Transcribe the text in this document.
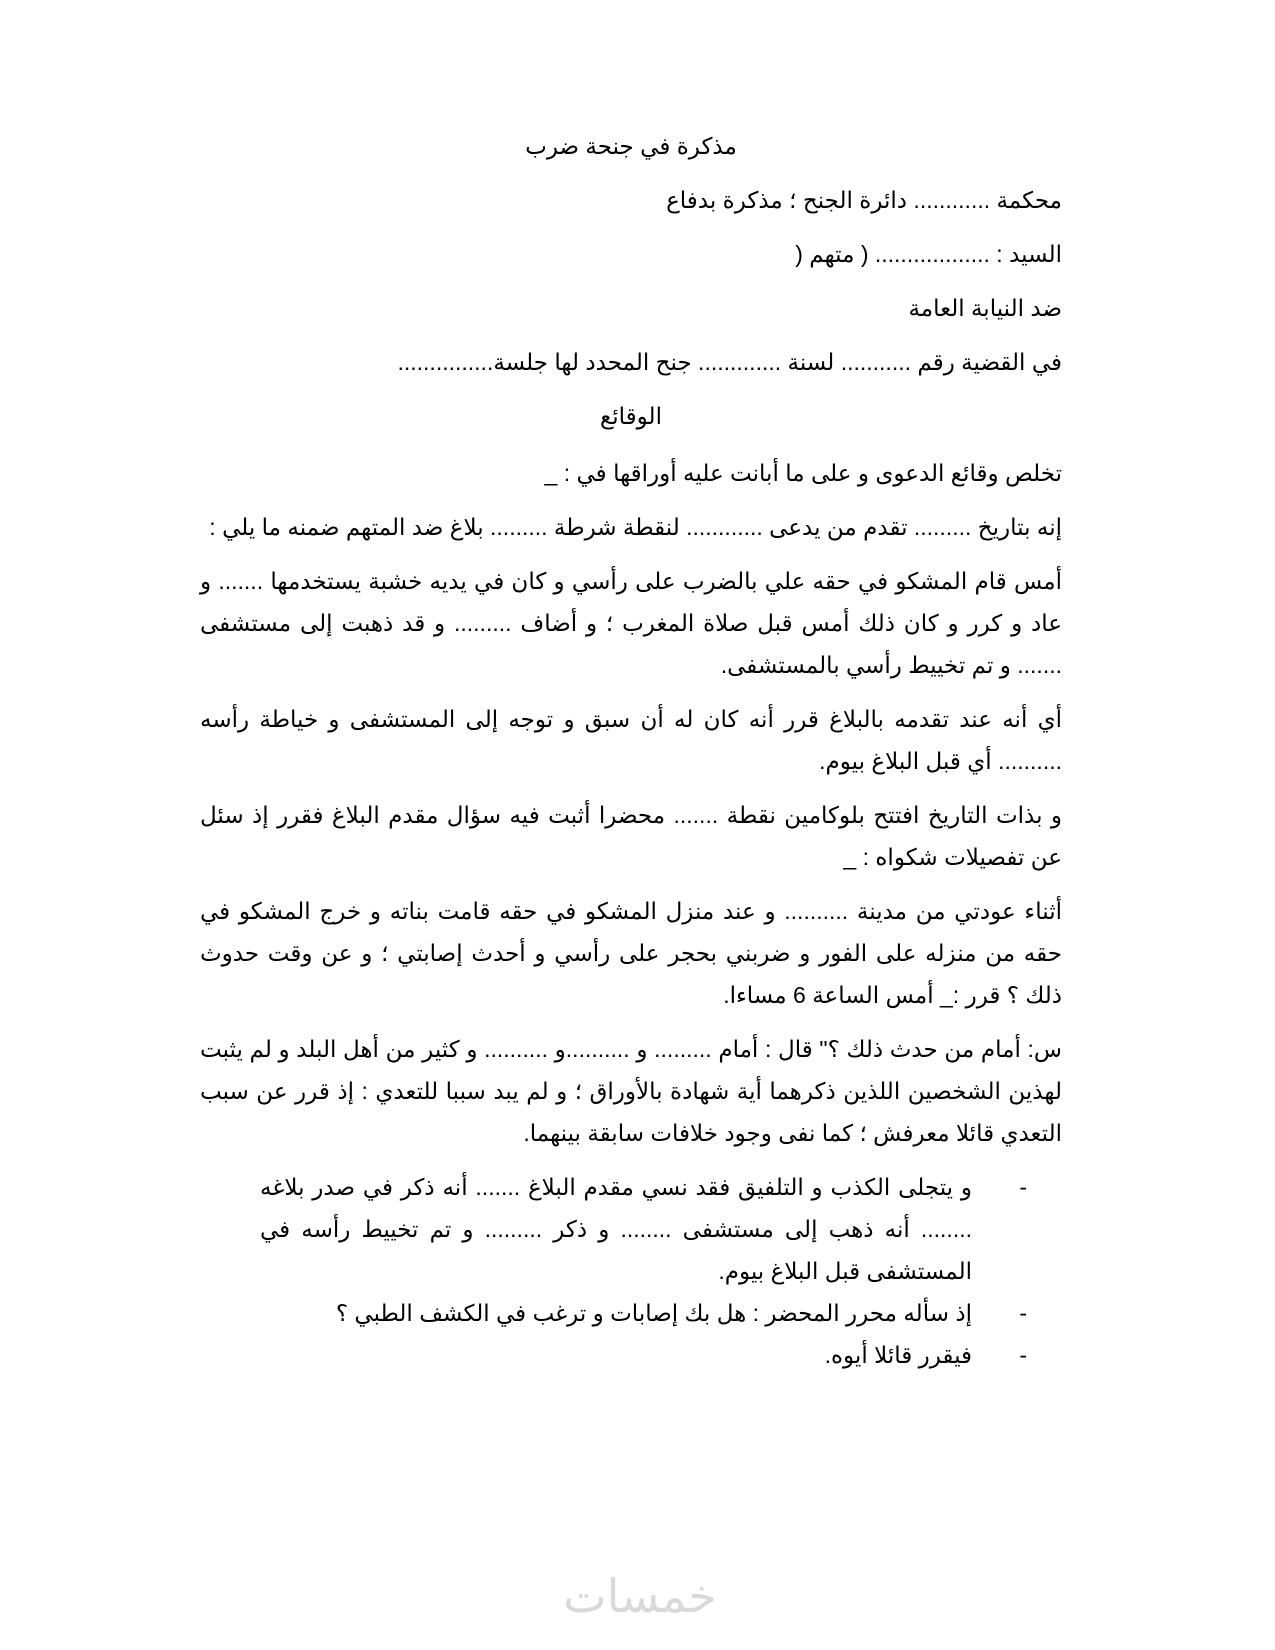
مذكرة في جنحة ضرب
محكمة ............ دائرة الجنح ؛ مذكرة بدفاع
السيد : .................. ( متهم (
ضد النيابة العامة
في القضية رقم ........... لسنة ............. جنح المحدد لها جلسة...............
الوقائع
تخلص وقائع الدعوى و على ما أبانت عليه أوراقها في : _
إنه بتاريخ ......... تقدم من يدعى ............ لنقطة شرطة ......... بلاغ ضد المتهم ضمنه ما يلي :
أمس قام المشكو في حقه علي بالضرب على رأسي و كان في يديه خشبة يستخدمها ....... و عاد و كرر و كان ذلك أمس قبل صلاة المغرب ؛ و أضاف ......... و قد ذهبت إلى مستشفى ....... و تم تخييط رأسي بالمستشفى.
أي أنه عند تقدمه بالبلاغ قرر أنه كان له أن سبق و توجه إلى المستشفى و خياطة رأسه .......... أي قبل البلاغ بيوم.
و بذات التاريخ افتتح بلوكامين نقطة ....... محضرا أثبت فيه سؤال مقدم البلاغ فقرر إذ سئل عن تفصيلات شكواه : _
أثناء عودتي من مدينة .......... و عند منزل المشكو في حقه قامت بناته و خرج المشكو في حقه من منزله على الفور و ضربني بحجر على رأسي و أحدث إصابتي ؛ و عن وقت حدوث ذلك ؟ قرر :_ أمس الساعة 6 مساءا.
س: أمام من حدث ذلك ؟" قال : أمام ......... و ..........و .......... و كثير من أهل البلد و لم يثبت لهذين الشخصين اللذين ذكرهما أية شهادة بالأوراق ؛ و لم يبد سببا للتعدي : إذ قرر عن سبب التعدي قائلا معرفش ؛ كما نفى وجود خلافات سابقة بينهما.
-
و يتجلى الكذب و التلفيق فقد نسي مقدم البلاغ ....... أنه ذكر في صدر بلاغه ........ أنه ذهب إلى مستشفى ........ و ذكر ......... و تم تخييط رأسه في المستشفى قبل البلاغ بيوم.
-
إذ سأله محرر المحضر : هل بك إصابات و ترغب في الكشف الطبي ؟
-
فيقرر قائلا أيوه.
خمسات
